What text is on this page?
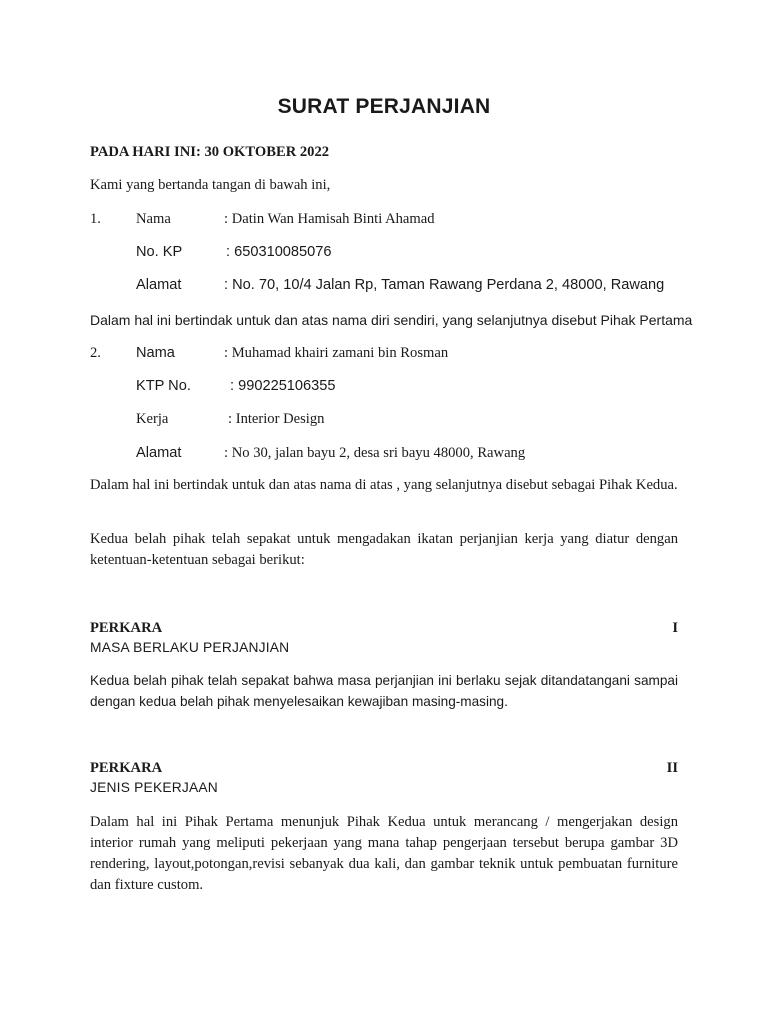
SURAT PERJANJIAN
PADA HARI INI: 30 OKTOBER 2022
Kami yang bertanda tangan di bawah ini,
1. Nama	: Datin Wan Hamisah Binti Ahamad
No. KP	: 650310085076
Alamat	: No. 70, 10/4 Jalan Rp, Taman Rawang Perdana 2, 48000, Rawang
Dalam hal ini bertindak untuk dan atas nama diri sendiri, yang selanjutnya disebut Pihak Pertama
2. Nama	: Muhamad khairi zamani bin Rosman
KTP No.	: 990225106355
Kerja	: Interior Design
Alamat	: No 30, jalan bayu 2, desa sri bayu 48000, Rawang
Dalam hal ini bertindak untuk dan atas nama di atas , yang selanjutnya disebut sebagai Pihak Kedua.
Kedua belah pihak telah sepakat untuk mengadakan ikatan perjanjian kerja yang diatur dengan ketentuan-ketentuan sebagai berikut:
PERKARA	I
MASA BERLAKU PERJANJIAN
Kedua belah pihak telah sepakat bahwa masa perjanjian ini berlaku sejak ditandatangani sampai dengan kedua belah pihak menyelesaikan kewajiban masing-masing.
PERKARA	II
JENIS PEKERJAAN
Dalam hal ini Pihak Pertama menunjuk Pihak Kedua untuk merancang / mengerjakan design interior rumah yang meliputi pekerjaan yang mana tahap pengerjaan tersebut berupa gambar 3D rendering, layout,potongan,revisi sebanyak dua kali, dan gambar teknik untuk pembuatan furniture dan fixture custom.
